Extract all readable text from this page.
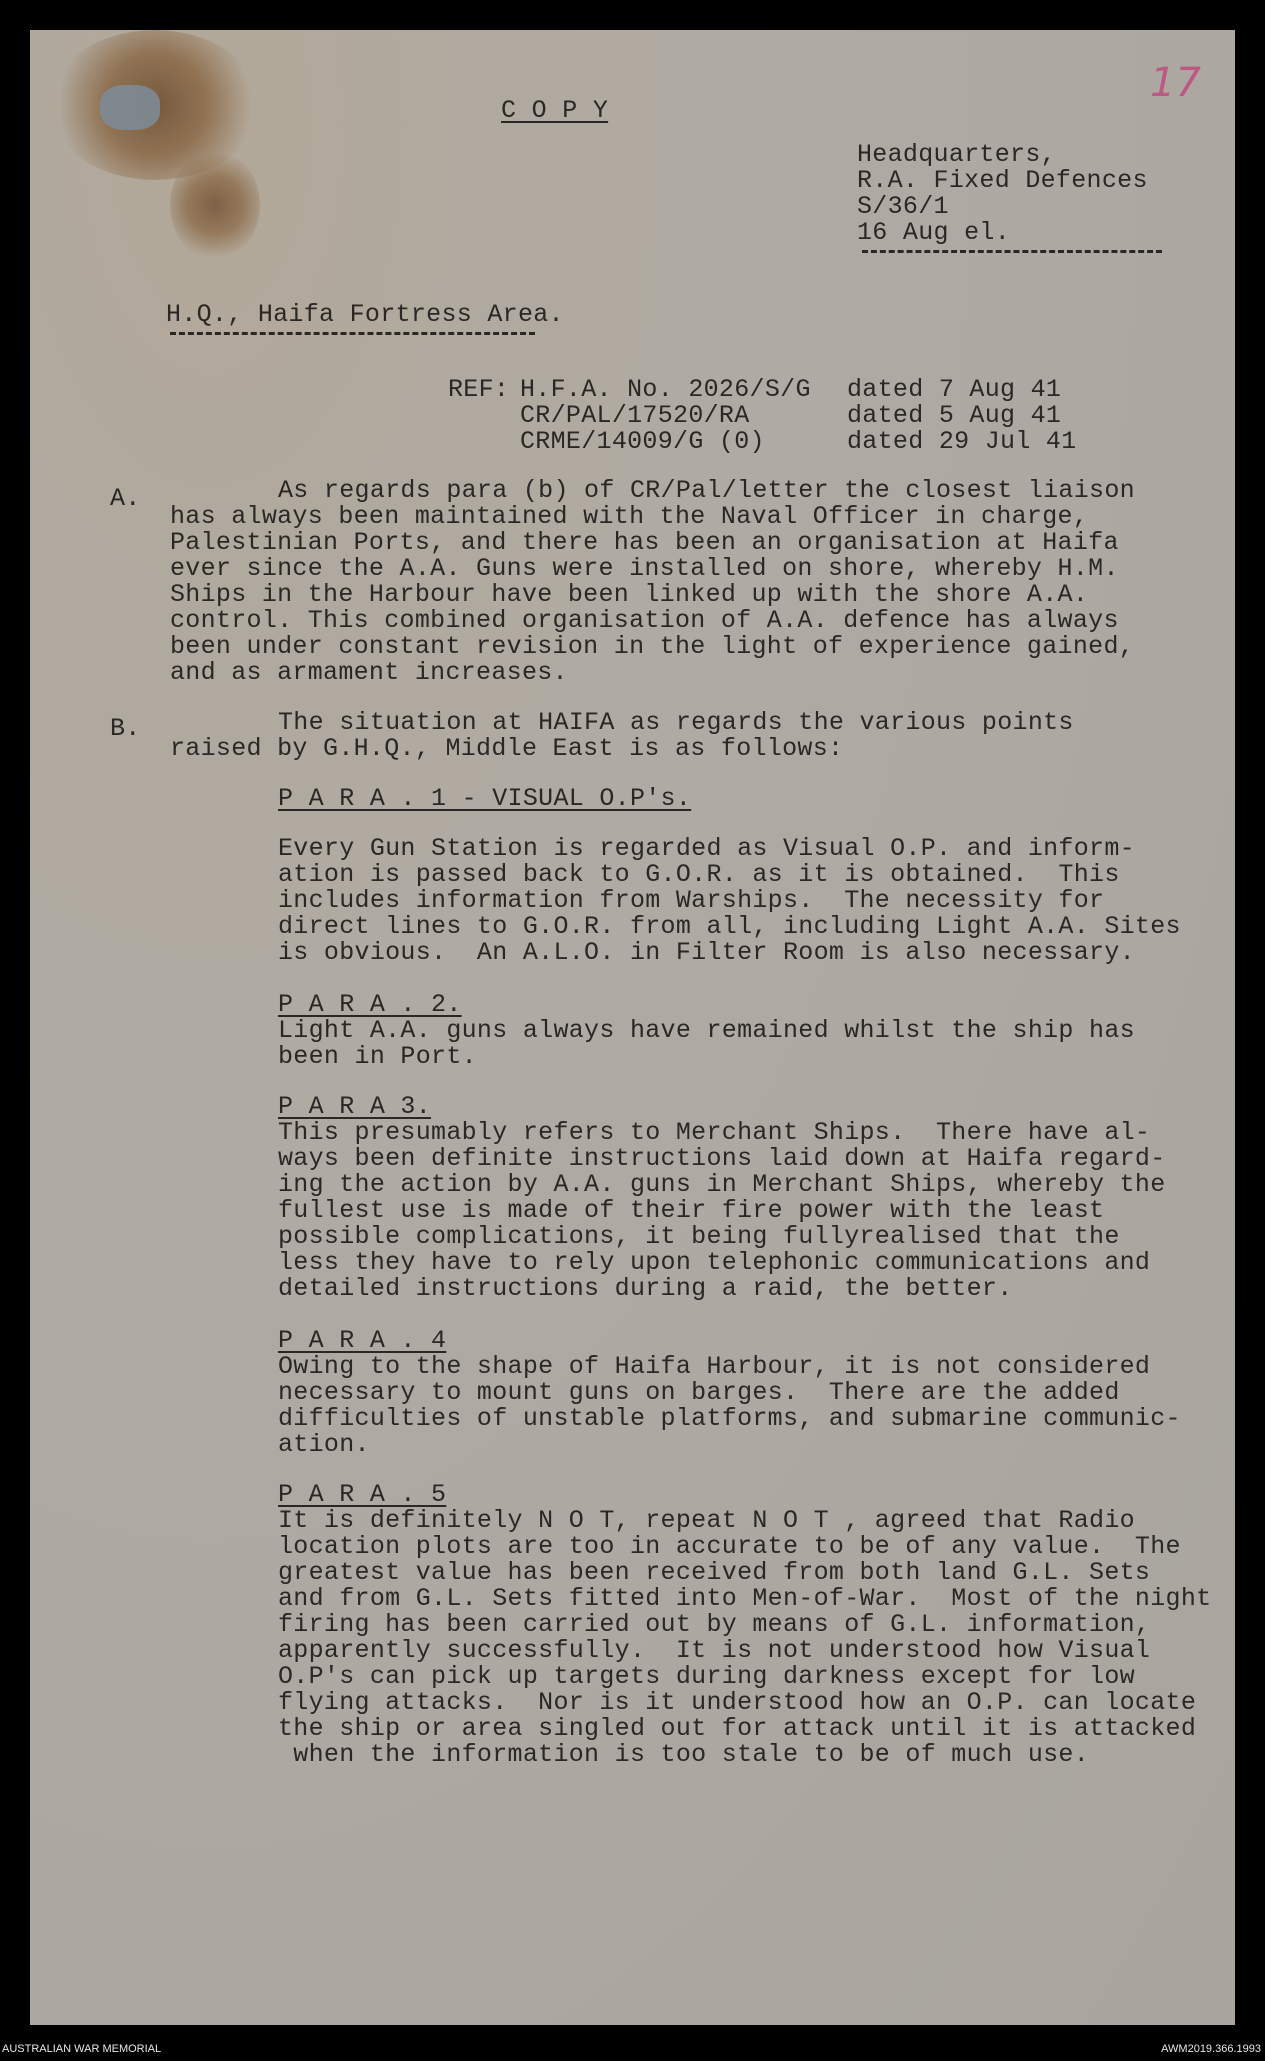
17
C O P Y
Headquarters,
R.A. Fixed Defences
S/36/1
16 Aug el.
H.Q., Haifa Fortress Area.
REF: H.F.A. No. 2026/S/G dated 7 Aug 41
CR/PAL/17520/RA	dated 5 Aug 41
CRME/14009/G (0)	dated 29 Jul 41
A.	As regards para (b) of CR/Pal/letter the closest liaison
has always been maintained with the Naval Officer in charge,
Palestinian Ports, and there has been an organisation at Haifa
ever since the A.A. Guns were installed on shore, whereby H.M.
Ships in the Harbour have been linked up with the shore A.A.
control. This combined organisation of A.A. defence has always
been under constant revision in the light of experience gained,
and as armament increases.
B.	The situation at HAIFA as regards the various points
raised by G.H.Q., Middle East is as follows:
P A R A . 1 - VISUAL O.P's.
Every Gun Station is regarded as Visual O.P. and inform-
ation is passed back to G.O.R. as it is obtained.  This
includes information from Warships.  The necessity for
direct lines to G.O.R. from all, including Light A.A. Sites
is obvious.  An A.L.O. in Filter Room is also necessary.
P A R A . 2.
Light A.A. guns always have remained whilst the ship has
been in Port.
P A R A 3.
This presumably refers to Merchant Ships.  There have al-
ways been definite instructions laid down at Haifa regard-
ing the action by A.A. guns in Merchant Ships, whereby the
fullest use is made of their fire power with the least
possible complications, it being fullyrealised that the
less they have to rely upon telephonic communications and
detailed instructions during a raid, the better.
P A R A . 4
Owing to the shape of Haifa Harbour, it is not considered
necessary to mount guns on barges.  There are the added
difficulties of unstable platforms, and submarine communic-
ation.
P A R A . 5
It is definitely N O T, repeat N O T , agreed that Radio
location plots are too in accurate to be of any value.  The
greatest value has been received from both land G.L. Sets
and from G.L. Sets fitted into Men-of-War.  Most of the night
firing has been carried out by means of G.L. information,
apparently successfully.  It is not understood how Visual
O.P's can pick up targets during darkness except for low
flying attacks.  Nor is it understood how an O.P. can locate
the ship or area singled out for attack until it is attacked
when the information is too stale to be of much use.
AUSTRALIAN WAR MEMORIAL	AWM2019.366.1993
